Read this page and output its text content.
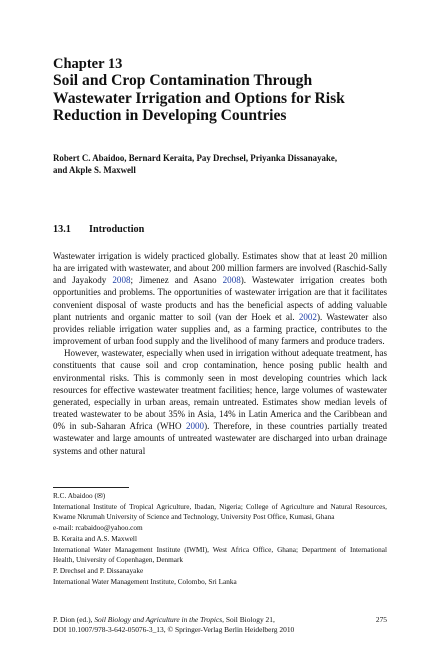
Chapter 13
Soil and Crop Contamination Through
Wastewater Irrigation and Options for Risk
Reduction in Developing Countries
Robert C. Abaidoo, Bernard Keraita, Pay Drechsel, Priyanka Dissanayake,
and Akple S. Maxwell
13.1 Introduction

Wastewater irrigation is widely practiced globally. Estimates show that at least 20 million ha are irrigated with wastewater, and about 200 million farmers are involved (Raschid-Sally and Jayakody 2008; Jimenez and Asano 2008). Wastewater irrigation creates both opportunities and problems. The opportunities of wastewater irrigation are that it facilitates convenient disposal of waste products and has the beneficial aspects of adding valuable plant nutrients and organic matter to soil (van der Hoek et al. 2002). Wastewater also provides reliable irrigation water supplies and, as a farming practice, contributes to the improvement of urban food supply and the livelihood of many farmers and produce traders.

However, wastewater, especially when used in irrigation without adequate treatment, has constituents that cause soil and crop contamination, hence posing public health and environmental risks. This is commonly seen in most developing countries which lack resources for effective wastewater treatment facilities; hence, large volumes of wastewater generated, especially in urban areas, remain untreated. Estimates show median levels of treated wastewater to be about 35% in Asia, 14% in Latin America and the Caribbean and 0% in sub-Saharan Africa (WHO 2000). Therefore, in these countries partially treated wastewater and large amounts of untreated wastewater are discharged into urban drainage systems and other natural

R.C. Abaidoo (✉)

International Institute of Tropical Agriculture, Ibadan, Nigeria; College of Agriculture and Natural Resources, Kwame Nkrumah University of Science and Technology, University Post Office, Kumasi, Ghana

e-mail: rcabaidoo@yahoo.com

B. Keraita and A.S. Maxwell

International Water Management Institute (IWMI), West Africa Office, Ghana; Department of International Health, University of Copenhagen, Denmark

P. Drechsel and P. Dissanayake

International Water Management Institute, Colombo, Sri Lanka

P. Dion (ed.), Soil Biology and Agriculture in the Tropics, Soil Biology 21,
DOI 10.1007/978-3-642-05076-3_13, © Springer-Verlag Berlin Heidelberg 2010
275
